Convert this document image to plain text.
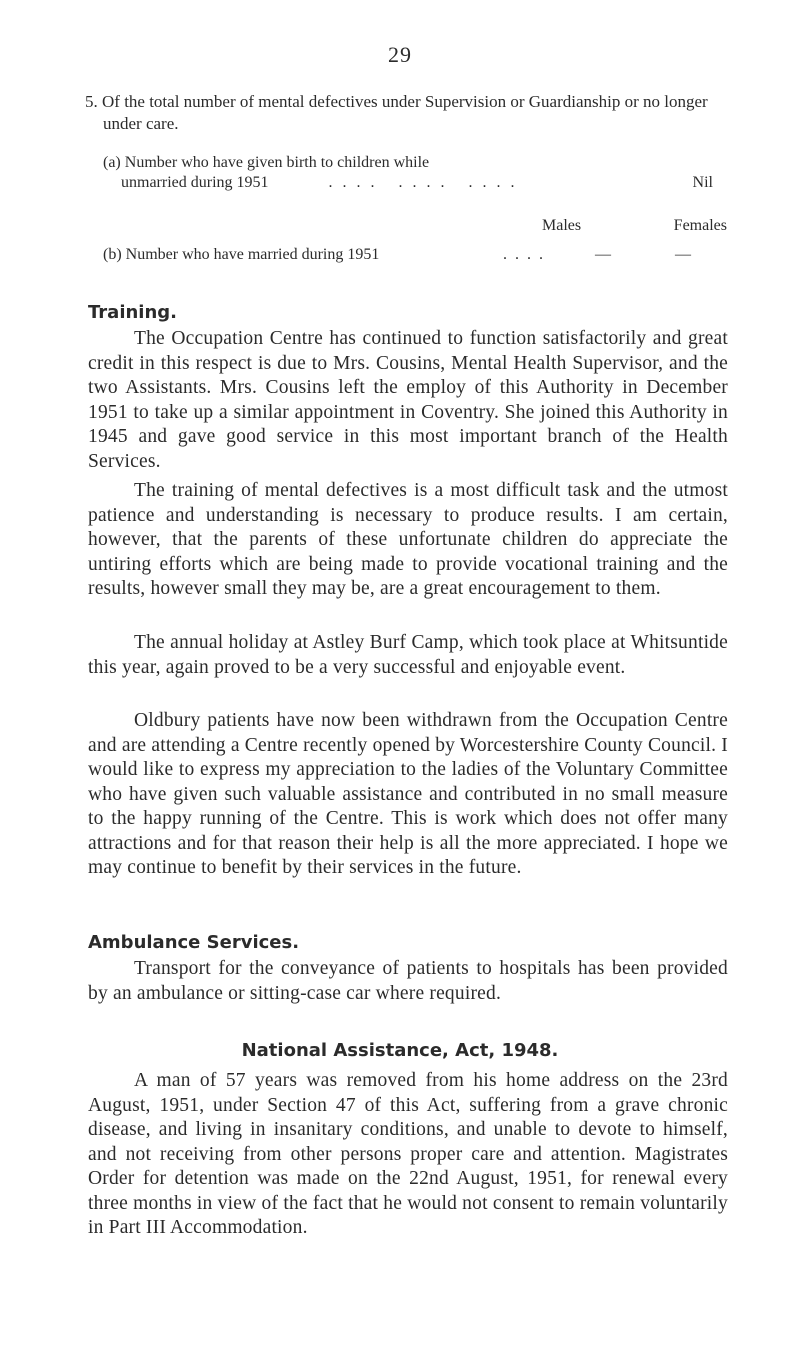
29
5. Of the total number of mental defectives under Supervision or Guardianship or no longer under care.
(a) Number who have given birth to children while
unmarried during 1951	.... .... ....	Nil
Males	Females
(b) Number who have married during 1951	....	—	—
Training.
The Occupation Centre has continued to function satisfactorily and great credit in this respect is due to Mrs. Cousins, Mental Health Supervisor, and the two Assistants. Mrs. Cousins left the employ of this Authority in December 1951 to take up a similar appointment in Coventry. She joined this Authority in 1945 and gave good service in this most important branch of the Health Services.
The training of mental defectives is a most difficult task and the utmost patience and understanding is necessary to produce results. I am certain, however, that the parents of these unfortunate children do appreciate the untiring efforts which are being made to provide vocational training and the results, however small they may be, are a great encouragement to them.
The annual holiday at Astley Burf Camp, which took place at Whitsuntide this year, again proved to be a very successful and enjoyable event.
Oldbury patients have now been withdrawn from the Occupation Centre and are attending a Centre recently opened by Worcestershire County Council. I would like to express my appreciation to the ladies of the Voluntary Committee who have given such valuable assistance and contributed in no small measure to the happy running of the Centre. This is work which does not offer many attractions and for that reason their help is all the more appreciated. I hope we may continue to benefit by their services in the future.
Ambulance Services.
Transport for the conveyance of patients to hospitals has been provided by an ambulance or sitting-case car where required.
National Assistance, Act, 1948.
A man of 57 years was removed from his home address on the 23rd August, 1951, under Section 47 of this Act, suffering from a grave chronic disease, and living in insanitary conditions, and unable to devote to himself, and not receiving from other persons proper care and attention. Magistrates Order for detention was made on the 22nd August, 1951, for renewal every three months in view of the fact that he would not consent to remain voluntarily in Part III Accommodation.
